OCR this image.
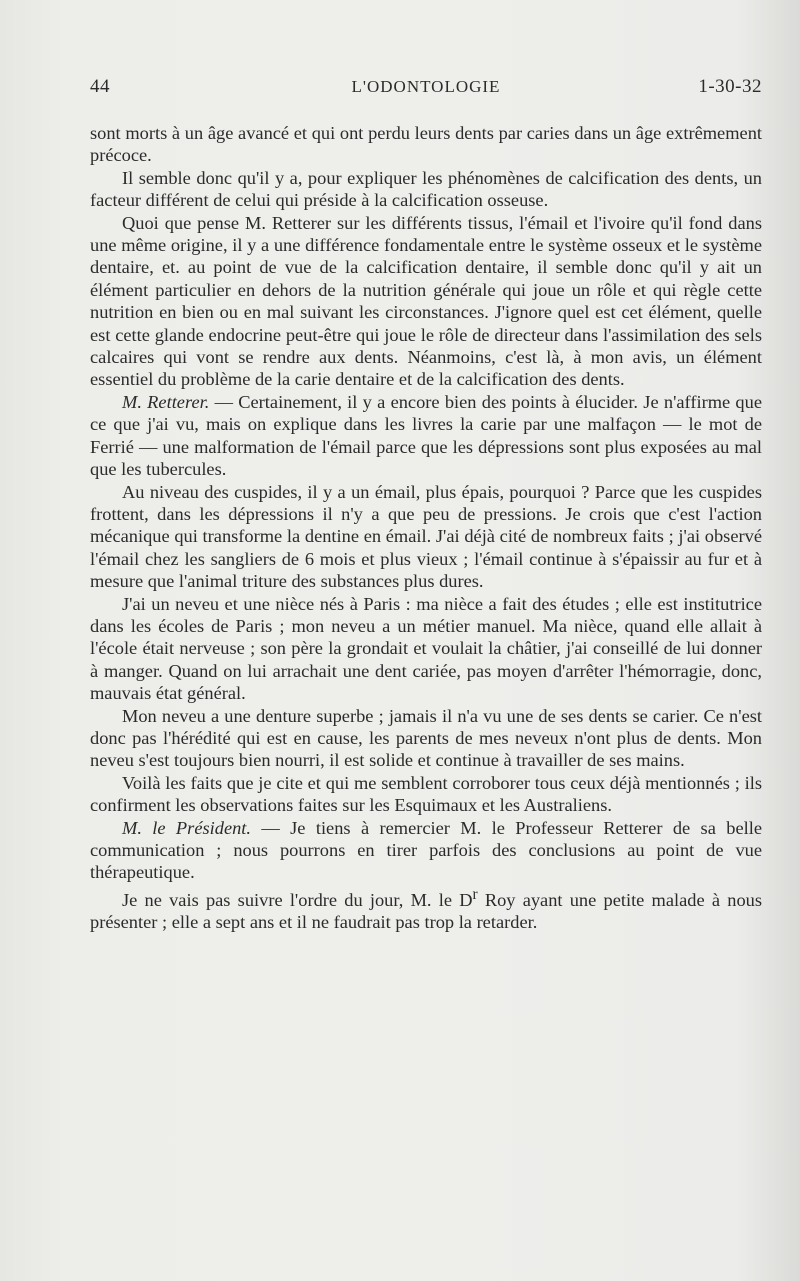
44	L'ODONTOLOGIE	1-30-32

sont morts à un âge avancé et qui ont perdu leurs dents par caries dans un âge extrêmement précoce.

Il semble donc qu'il y a, pour expliquer les phénomènes de calcification des dents, un facteur différent de celui qui préside à la calcification osseuse.

Quoi que pense M. Retterer sur les différents tissus, l'émail et l'ivoire qu'il fond dans une même origine, il y a une différence fondamentale entre le système osseux et le système dentaire, et. au point de vue de la calcification dentaire, il semble donc qu'il y ait un élément particulier en dehors de la nutrition générale qui joue un rôle et qui règle cette nutrition en bien ou en mal suivant les circonstances. J'ignore quel est cet élément, quelle est cette glande endocrine peut-être qui joue le rôle de directeur dans l'assimilation des sels calcaires qui vont se rendre aux dents. Néanmoins, c'est là, à mon avis, un élément essentiel du problème de la carie dentaire et de la calcification des dents.

M. Retterer. — Certainement, il y a encore bien des points à élucider. Je n'affirme que ce que j'ai vu, mais on explique dans les livres la carie par une malfaçon — le mot de Ferrié — une malformation de l'émail parce que les dépressions sont plus exposées au mal que les tubercules.

Au niveau des cuspides, il y a un émail, plus épais, pourquoi ? Parce que les cuspides frottent, dans les dépressions il n'y a que peu de pressions. Je crois que c'est l'action mécanique qui transforme la dentine en émail. J'ai déjà cité de nombreux faits ; j'ai observé l'émail chez les sangliers de 6 mois et plus vieux ; l'émail continue à s'épaissir au fur et à mesure que l'animal triture des substances plus dures.

J'ai un neveu et une nièce nés à Paris : ma nièce a fait des études ; elle est institutrice dans les écoles de Paris ; mon neveu a un métier manuel. Ma nièce, quand elle allait à l'école était nerveuse ; son père la grondait et voulait la châtier, j'ai conseillé de lui donner à manger. Quand on lui arrachait une dent cariée, pas moyen d'arrêter l'hémorragie, donc, mauvais état général.

Mon neveu a une denture superbe ; jamais il n'a vu une de ses dents se carier. Ce n'est donc pas l'hérédité qui est en cause, les parents de mes neveux n'ont plus de dents. Mon neveu s'est toujours bien nourri, il est solide et continue à travailler de ses mains.

Voilà les faits que je cite et qui me semblent corroborer tous ceux déjà mentionnés ; ils confirment les observations faites sur les Esquimaux et les Australiens.

M. le Président. — Je tiens à remercier M. le Professeur Retterer de sa belle communication ; nous pourrons en tirer parfois des conclusions au point de vue thérapeutique.

Je ne vais pas suivre l'ordre du jour, M. le $D^r$ Roy ayant une petite malade à nous présenter ; elle a sept ans et il ne faudrait pas trop la retarder.
